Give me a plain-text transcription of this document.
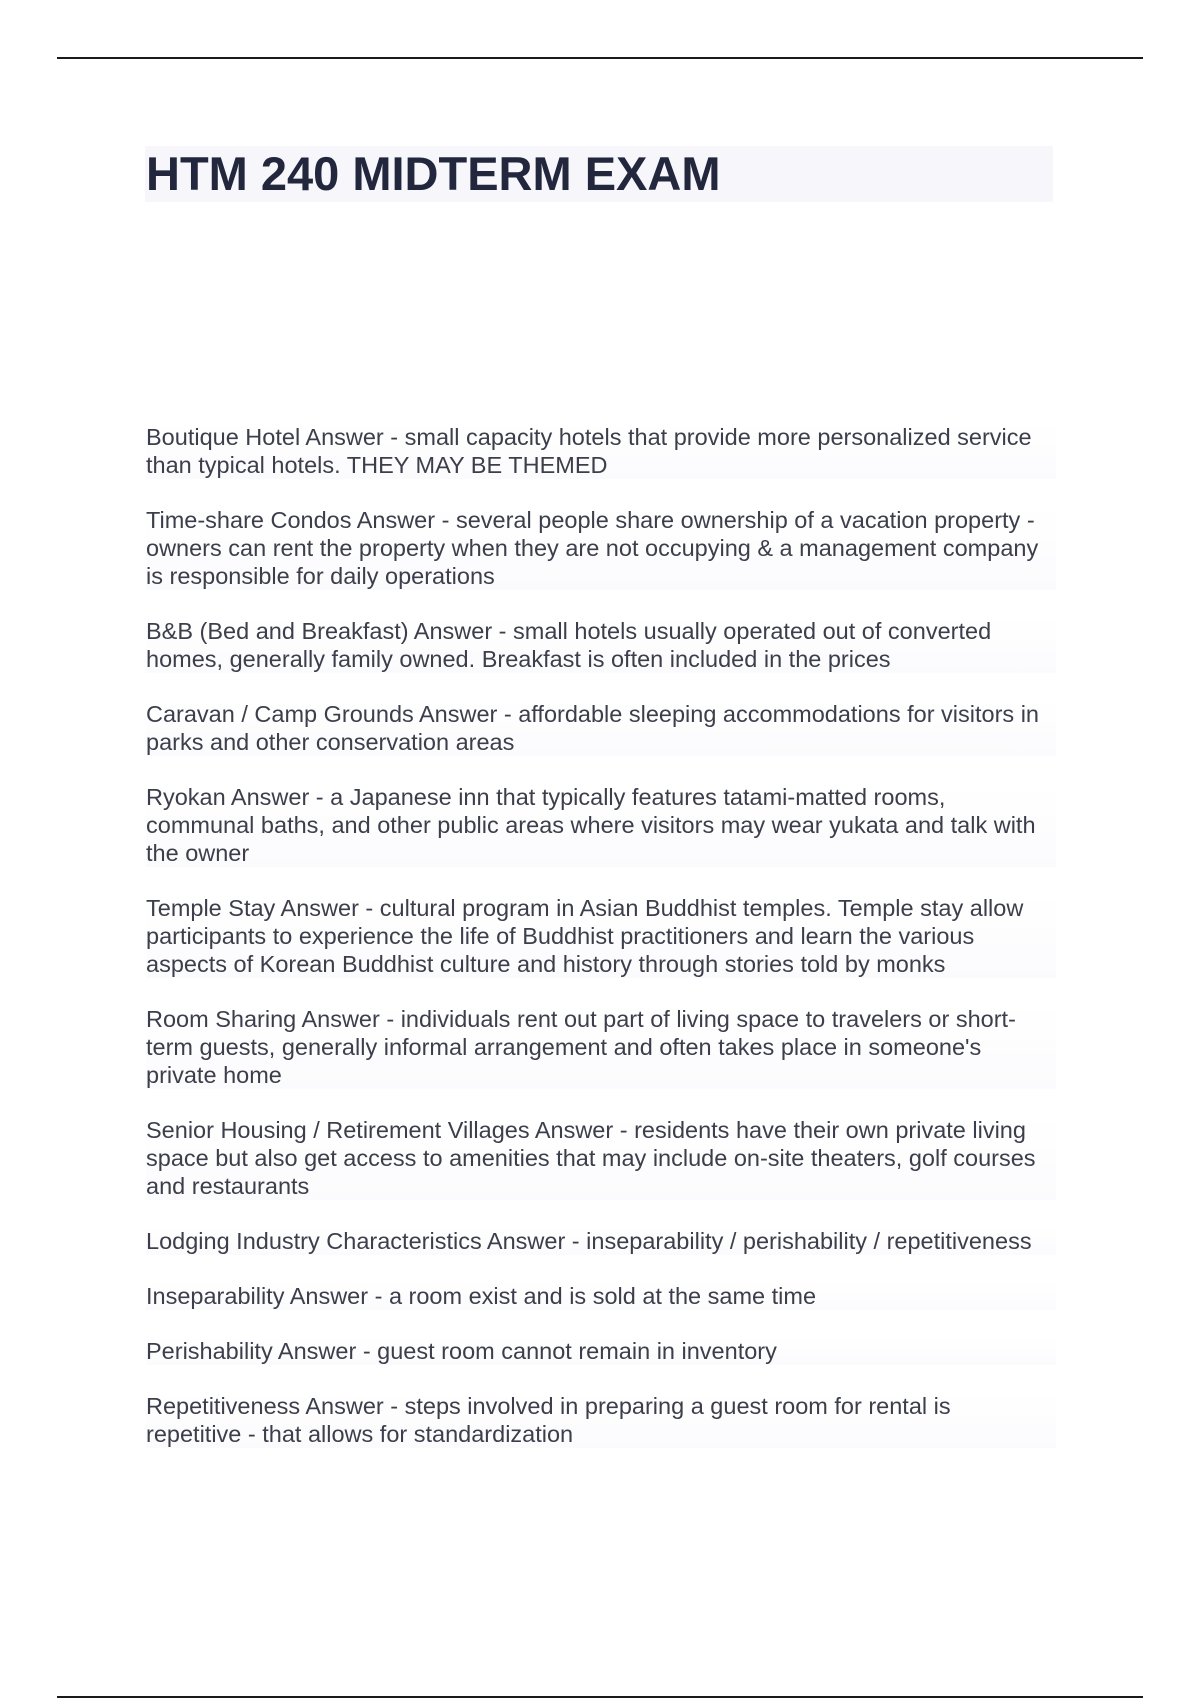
HTM 240 MIDTERM EXAM

Boutique Hotel Answer - small capacity hotels that provide more personalized service than typical hotels. THEY MAY BE THEMED

Time-share Condos Answer - several people share ownership of a vacation property - owners can rent the property when they are not occupying & a management company is responsible for daily operations

B&B (Bed and Breakfast) Answer - small hotels usually operated out of converted homes, generally family owned. Breakfast is often included in the prices

Caravan / Camp Grounds Answer - affordable sleeping accommodations for visitors in parks and other conservation areas

Ryokan Answer - a Japanese inn that typically features tatami-matted rooms, communal baths, and other public areas where visitors may wear yukata and talk with the owner

Temple Stay Answer - cultural program in Asian Buddhist temples. Temple stay allow participants to experience the life of Buddhist practitioners and learn the various aspects of Korean Buddhist culture and history through stories told by monks

Room Sharing Answer - individuals rent out part of living space to travelers or short-term guests, generally informal arrangement and often takes place in someone's private home

Senior Housing / Retirement Villages Answer - residents have their own private living space but also get access to amenities that may include on-site theaters, golf courses and restaurants

Lodging Industry Characteristics Answer - inseparability / perishability / repetitiveness

Inseparability Answer - a room exist and is sold at the same time

Perishability Answer - guest room cannot remain in inventory

Repetitiveness Answer - steps involved in preparing a guest room for rental is repetitive - that allows for standardization
